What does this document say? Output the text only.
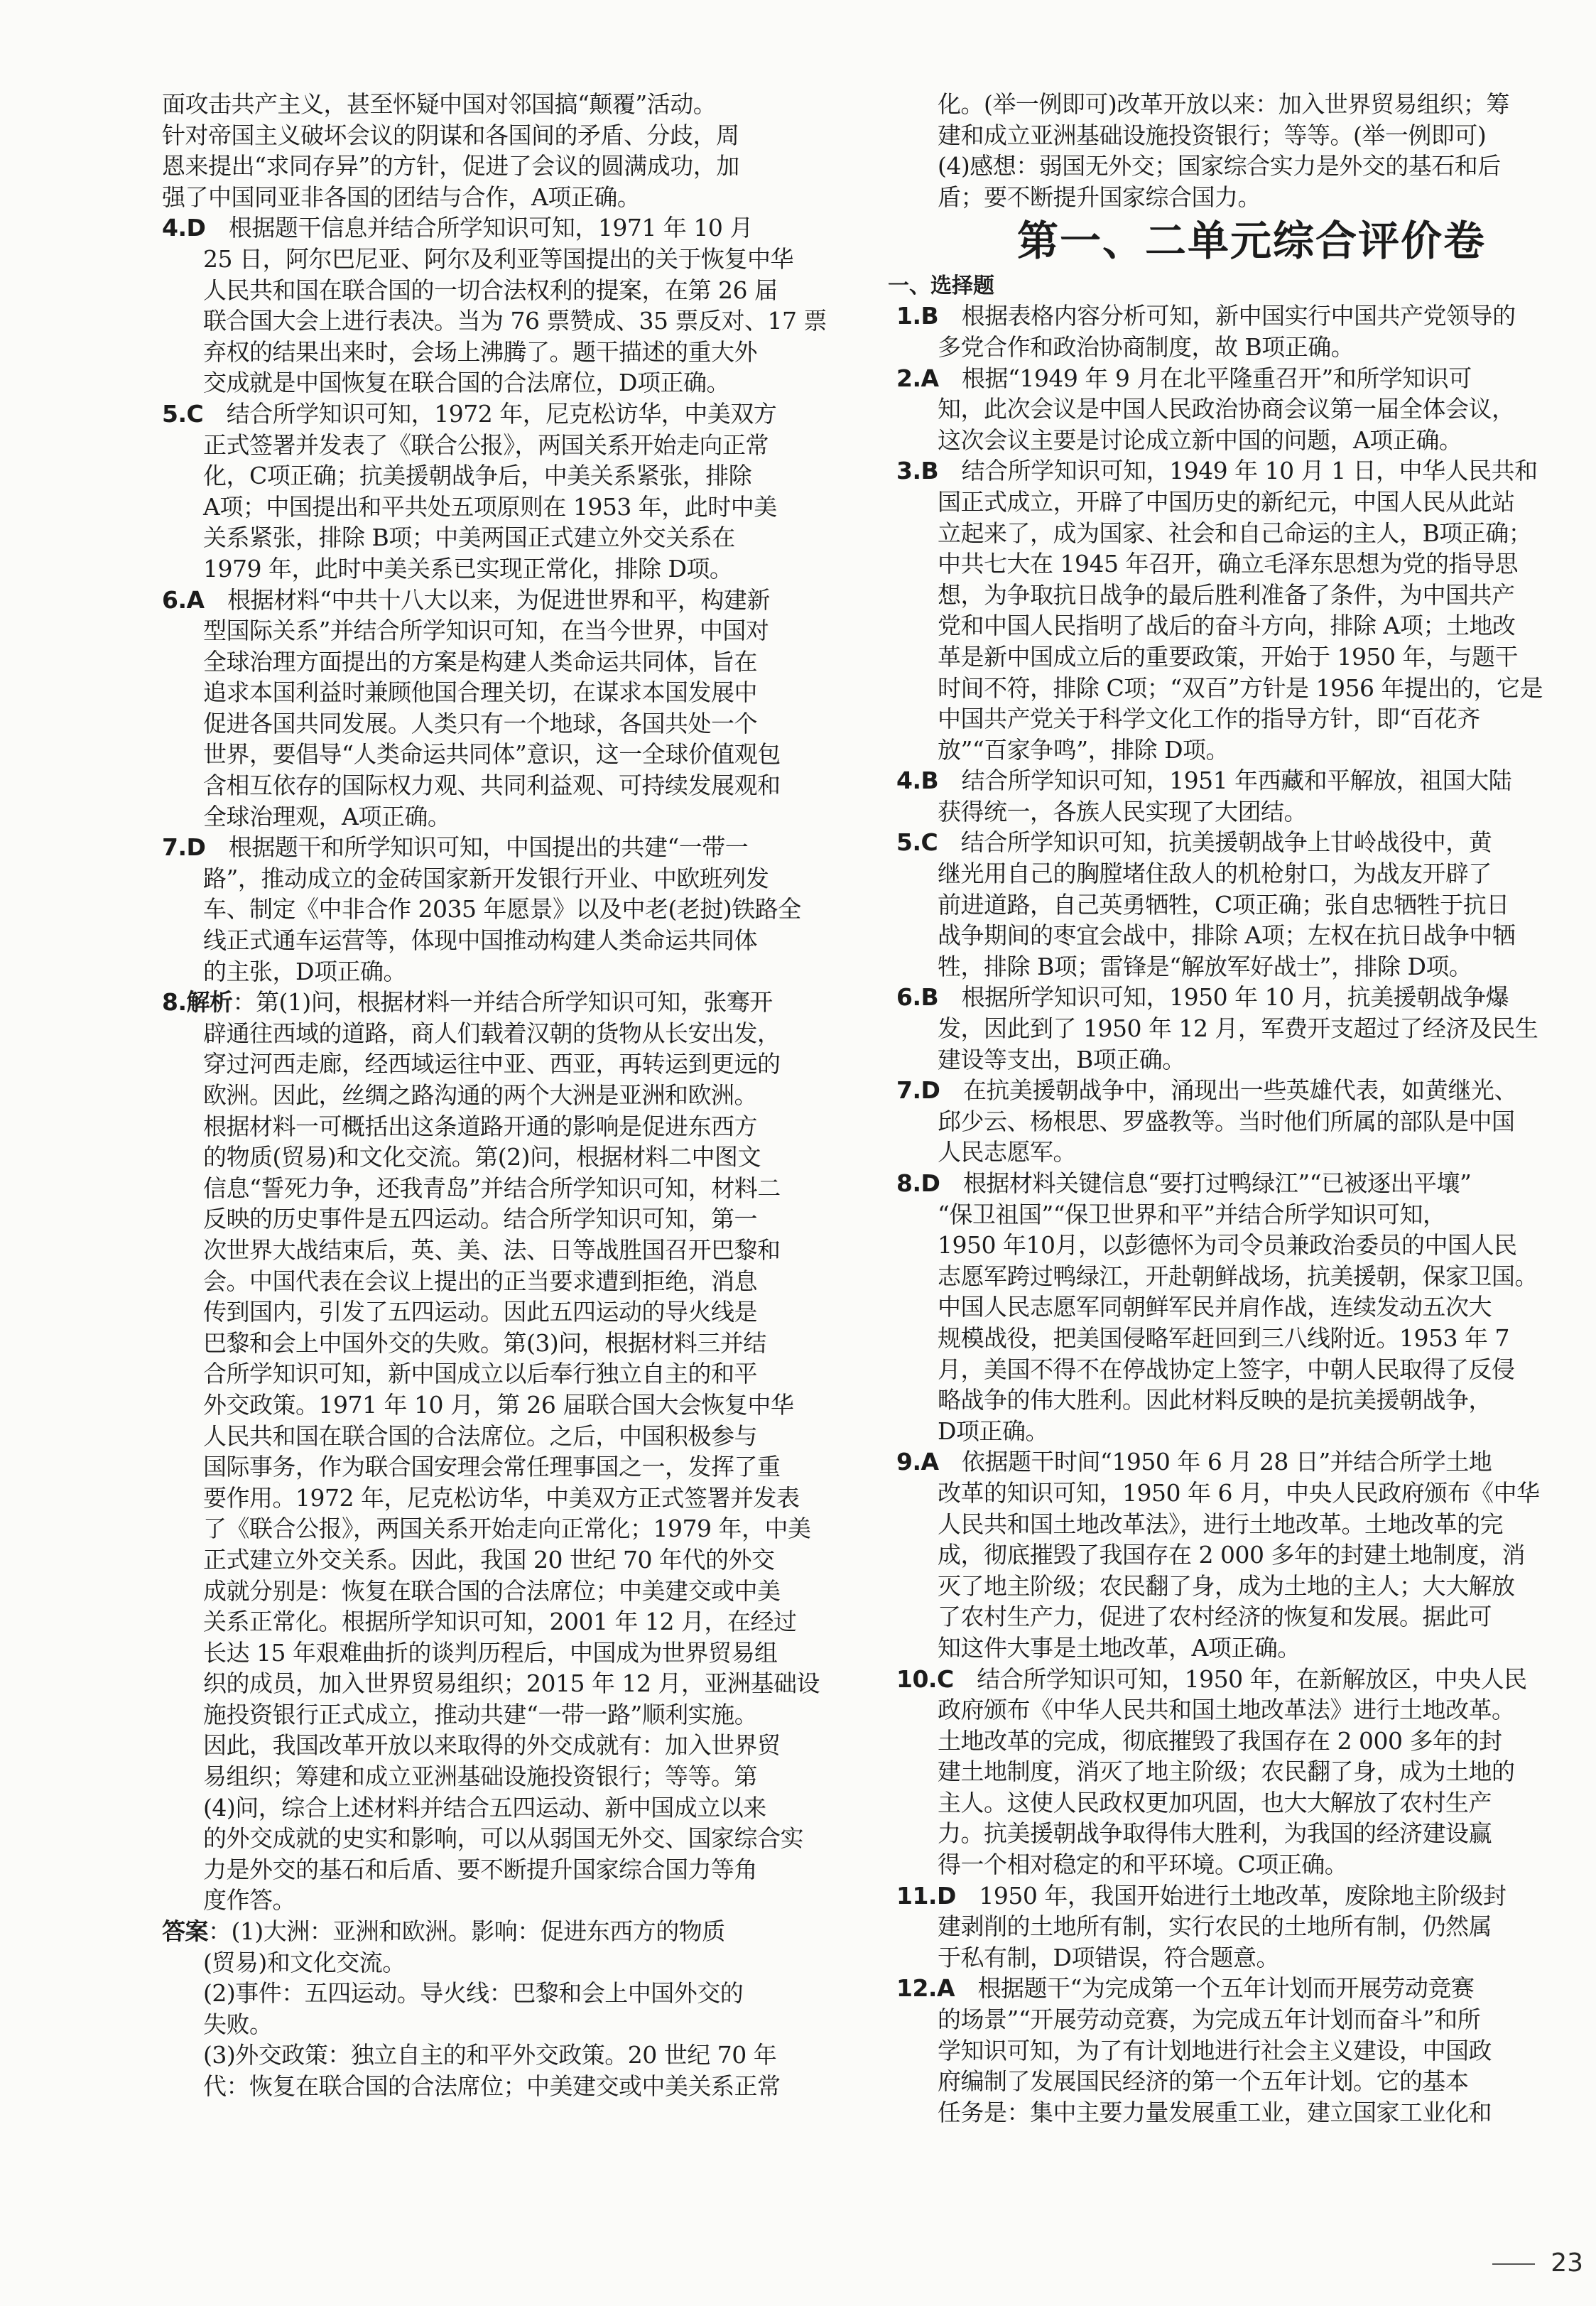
面攻击共产主义，甚至怀疑中国对邻国搞“颠覆”活动。

针对帝国主义破坏会议的阴谋和各国间的矛盾、分歧，周

恩来提出“求同存异”的方针，促进了会议的圆满成功，加

强了中国同亚非各国的团结与合作，A项正确。

4.D  根据题干信息并结合所学知识可知，1971 年 10 月

25 日，阿尔巴尼亚、阿尔及利亚等国提出的关于恢复中华

人民共和国在联合国的一切合法权利的提案，在第 26 届

联合国大会上进行表决。当为 76 票赞成、35 票反对、17 票

弃权的结果出来时，会场上沸腾了。题干描述的重大外

交成就是中国恢复在联合国的合法席位，D项正确。

5.C  结合所学知识可知，1972 年，尼克松访华，中美双方

正式签署并发表了《联合公报》，两国关系开始走向正常

化，C项正确；抗美援朝战争后，中美关系紧张，排除

A项；中国提出和平共处五项原则在 1953 年，此时中美

关系紧张，排除 B项；中美两国正式建立外交关系在

1979 年，此时中美关系已实现正常化，排除 D项。

6.A  根据材料“中共十八大以来，为促进世界和平，构建新

型国际关系”并结合所学知识可知，在当今世界，中国对

全球治理方面提出的方案是构建人类命运共同体，旨在

追求本国利益时兼顾他国合理关切，在谋求本国发展中

促进各国共同发展。人类只有一个地球，各国共处一个

世界，要倡导“人类命运共同体”意识，这一全球价值观包

含相互依存的国际权力观、共同利益观、可持续发展观和

全球治理观，A项正确。

7.D  根据题干和所学知识可知，中国提出的共建“一带一

路”，推动成立的金砖国家新开发银行开业、中欧班列发

车、制定《中非合作 2035 年愿景》以及中老(老挝)铁路全

线正式通车运营等，体现中国推动构建人类命运共同体

的主张，D项正确。

8.解析：第(1)问，根据材料一并结合所学知识可知，张骞开

辟通往西域的道路，商人们载着汉朝的货物从长安出发，

穿过河西走廊，经西域运往中亚、西亚，再转运到更远的

欧洲。因此，丝绸之路沟通的两个大洲是亚洲和欧洲。

根据材料一可概括出这条道路开通的影响是促进东西方

的物质(贸易)和文化交流。第(2)问，根据材料二中图文

信息“誓死力争，还我青岛”并结合所学知识可知，材料二

反映的历史事件是五四运动。结合所学知识可知，第一

次世界大战结束后，英、美、法、日等战胜国召开巴黎和

会。中国代表在会议上提出的正当要求遭到拒绝，消息

传到国内，引发了五四运动。因此五四运动的导火线是

巴黎和会上中国外交的失败。第(3)问，根据材料三并结

合所学知识可知，新中国成立以后奉行独立自主的和平

外交政策。1971 年 10 月，第 26 届联合国大会恢复中华

人民共和国在联合国的合法席位。之后，中国积极参与

国际事务，作为联合国安理会常任理事国之一，发挥了重

要作用。1972 年，尼克松访华，中美双方正式签署并发表

了《联合公报》，两国关系开始走向正常化；1979 年，中美

正式建立外交关系。因此，我国 20 世纪 70 年代的外交

成就分别是：恢复在联合国的合法席位；中美建交或中美

关系正常化。根据所学知识可知，2001 年 12 月，在经过

长达 15 年艰难曲折的谈判历程后，中国成为世界贸易组

织的成员，加入世界贸易组织；2015 年 12 月，亚洲基础设

施投资银行正式成立，推动共建“一带一路”顺利实施。

因此，我国改革开放以来取得的外交成就有：加入世界贸

易组织；筹建和成立亚洲基础设施投资银行；等等。第

(4)问，综合上述材料并结合五四运动、新中国成立以来

的外交成就的史实和影响，可以从弱国无外交、国家综合实

力是外交的基石和后盾、要不断提升国家综合国力等角

度作答。

答案：(1)大洲：亚洲和欧洲。影响：促进东西方的物质

(贸易)和文化交流。

(2)事件：五四运动。导火线：巴黎和会上中国外交的

失败。

(3)外交政策：独立自主的和平外交政策。20 世纪 70 年

代：恢复在联合国的合法席位；中美建交或中美关系正常

化。(举一例即可)改革开放以来：加入世界贸易组织；筹

建和成立亚洲基础设施投资银行；等等。(举一例即可)

(4)感想：弱国无外交；国家综合实力是外交的基石和后

盾；要不断提升国家综合国力。

第一、二单元综合评价卷
一、选择题

1.B  根据表格内容分析可知，新中国实行中国共产党领导的

多党合作和政治协商制度，故 B项正确。

2.A  根据“1949 年 9 月在北平隆重召开”和所学知识可

知，此次会议是中国人民政治协商会议第一届全体会议，

这次会议主要是讨论成立新中国的问题，A项正确。

3.B  结合所学知识可知，1949 年 10 月 1 日，中华人民共和

国正式成立，开辟了中国历史的新纪元，中国人民从此站

立起来了，成为国家、社会和自己命运的主人，B项正确；

中共七大在 1945 年召开，确立毛泽东思想为党的指导思

想，为争取抗日战争的最后胜利准备了条件，为中国共产

党和中国人民指明了战后的奋斗方向，排除 A项；土地改

革是新中国成立后的重要政策，开始于 1950 年，与题干

时间不符，排除 C项；“双百”方针是 1956 年提出的，它是

中国共产党关于科学文化工作的指导方针，即“百花齐

放”“百家争鸣”，排除 D项。

4.B  结合所学知识可知，1951 年西藏和平解放，祖国大陆

获得统一，各族人民实现了大团结。

5.C  结合所学知识可知，抗美援朝战争上甘岭战役中，黄

继光用自己的胸膛堵住敌人的机枪射口，为战友开辟了

前进道路，自己英勇牺牲，C项正确；张自忠牺牲于抗日

战争期间的枣宜会战中，排除 A项；左权在抗日战争中牺

牲，排除 B项；雷锋是“解放军好战士”，排除 D项。

6.B  根据所学知识可知，1950 年 10 月，抗美援朝战争爆

发，因此到了 1950 年 12 月，军费开支超过了经济及民生

建设等支出，B项正确。

7.D  在抗美援朝战争中，涌现出一些英雄代表，如黄继光、

邱少云、杨根思、罗盛教等。当时他们所属的部队是中国

人民志愿军。

8.D  根据材料关键信息“要打过鸭绿江”“已被逐出平壤”

“保卫祖国”“保卫世界和平”并结合所学知识可知，

1950 年10月，以彭德怀为司令员兼政治委员的中国人民

志愿军跨过鸭绿江，开赴朝鲜战场，抗美援朝，保家卫国。

中国人民志愿军同朝鲜军民并肩作战，连续发动五次大

规模战役，把美国侵略军赶回到三八线附近。1953 年 7

月，美国不得不在停战协定上签字，中朝人民取得了反侵

略战争的伟大胜利。因此材料反映的是抗美援朝战争，

D项正确。

9.A  依据题干时间“1950 年 6 月 28 日”并结合所学土地

改革的知识可知，1950 年 6 月，中央人民政府颁布《中华

人民共和国土地改革法》，进行土地改革。土地改革的完

成，彻底摧毁了我国存在 2 000 多年的封建土地制度，消

灭了地主阶级；农民翻了身，成为土地的主人；大大解放

了农村生产力，促进了农村经济的恢复和发展。据此可

知这件大事是土地改革，A项正确。

10.C  结合所学知识可知，1950 年，在新解放区，中央人民

政府颁布《中华人民共和国土地改革法》进行土地改革。

土地改革的完成，彻底摧毁了我国存在 2 000 多年的封

建土地制度，消灭了地主阶级；农民翻了身，成为土地的

主人。这使人民政权更加巩固，也大大解放了农村生产

力。抗美援朝战争取得伟大胜利，为我国的经济建设赢

得一个相对稳定的和平环境。C项正确。

11.D  1950 年，我国开始进行土地改革，废除地主阶级封

建剥削的土地所有制，实行农民的土地所有制，仍然属

于私有制，D项错误，符合题意。

12.A  根据题干“为完成第一个五年计划而开展劳动竞赛

的场景”“开展劳动竞赛，为完成五年计划而奋斗”和所

学知识可知，为了有计划地进行社会主义建设，中国政

府编制了发展国民经济的第一个五年计划。它的基本

任务是：集中主要力量发展重工业，建立国家工业化和

23
